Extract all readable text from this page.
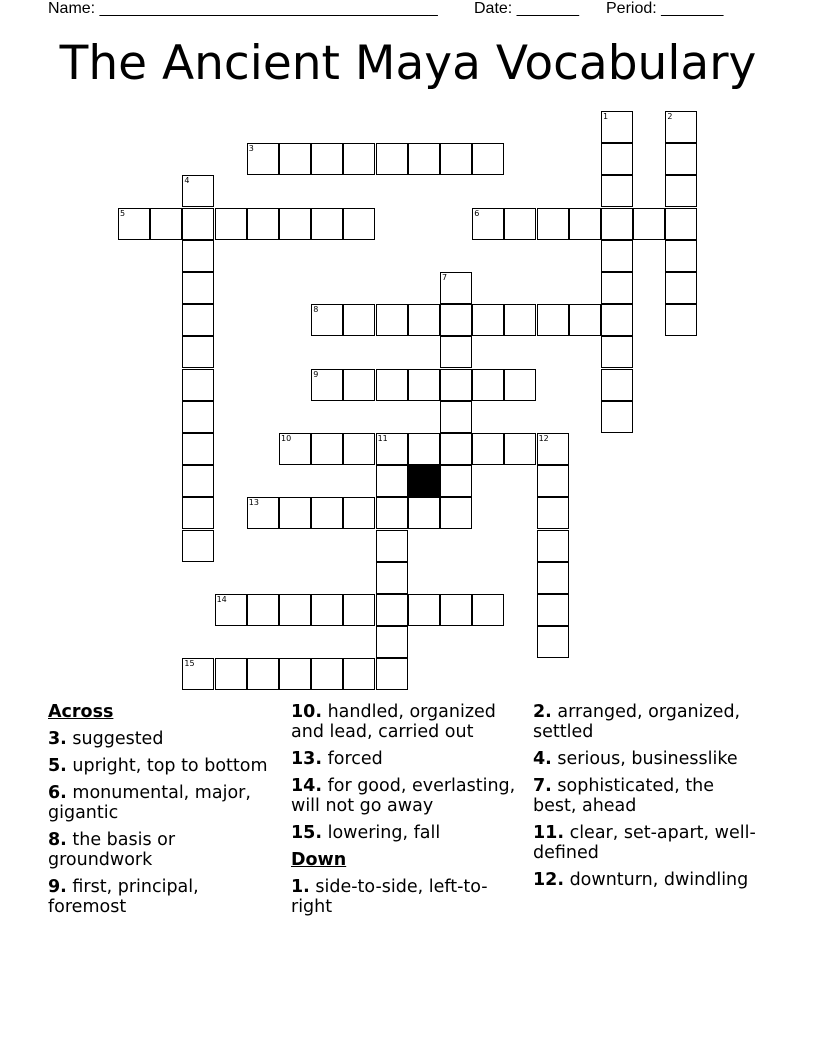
Name: ______________________________________ Date: _______ Period: _______
The Ancient Maya Vocabulary
1	2
3
4
5	6
7
8
9
10	11	12
13
14
15
Across
3. suggested
5. upright, top to bottom
6. monumental, major, gigantic
8. the basis or groundwork
9. first, principal, foremost
10. handled, organized and lead, carried out
13. forced
14. for good, everlasting, will not go away
15. lowering, fall
Down
1. side-to-side, left-to-right
2. arranged, organized, settled
4. serious, businesslike
7. sophisticated, the best, ahead
11. clear, set-apart, well-defined
12. downturn, dwindling
